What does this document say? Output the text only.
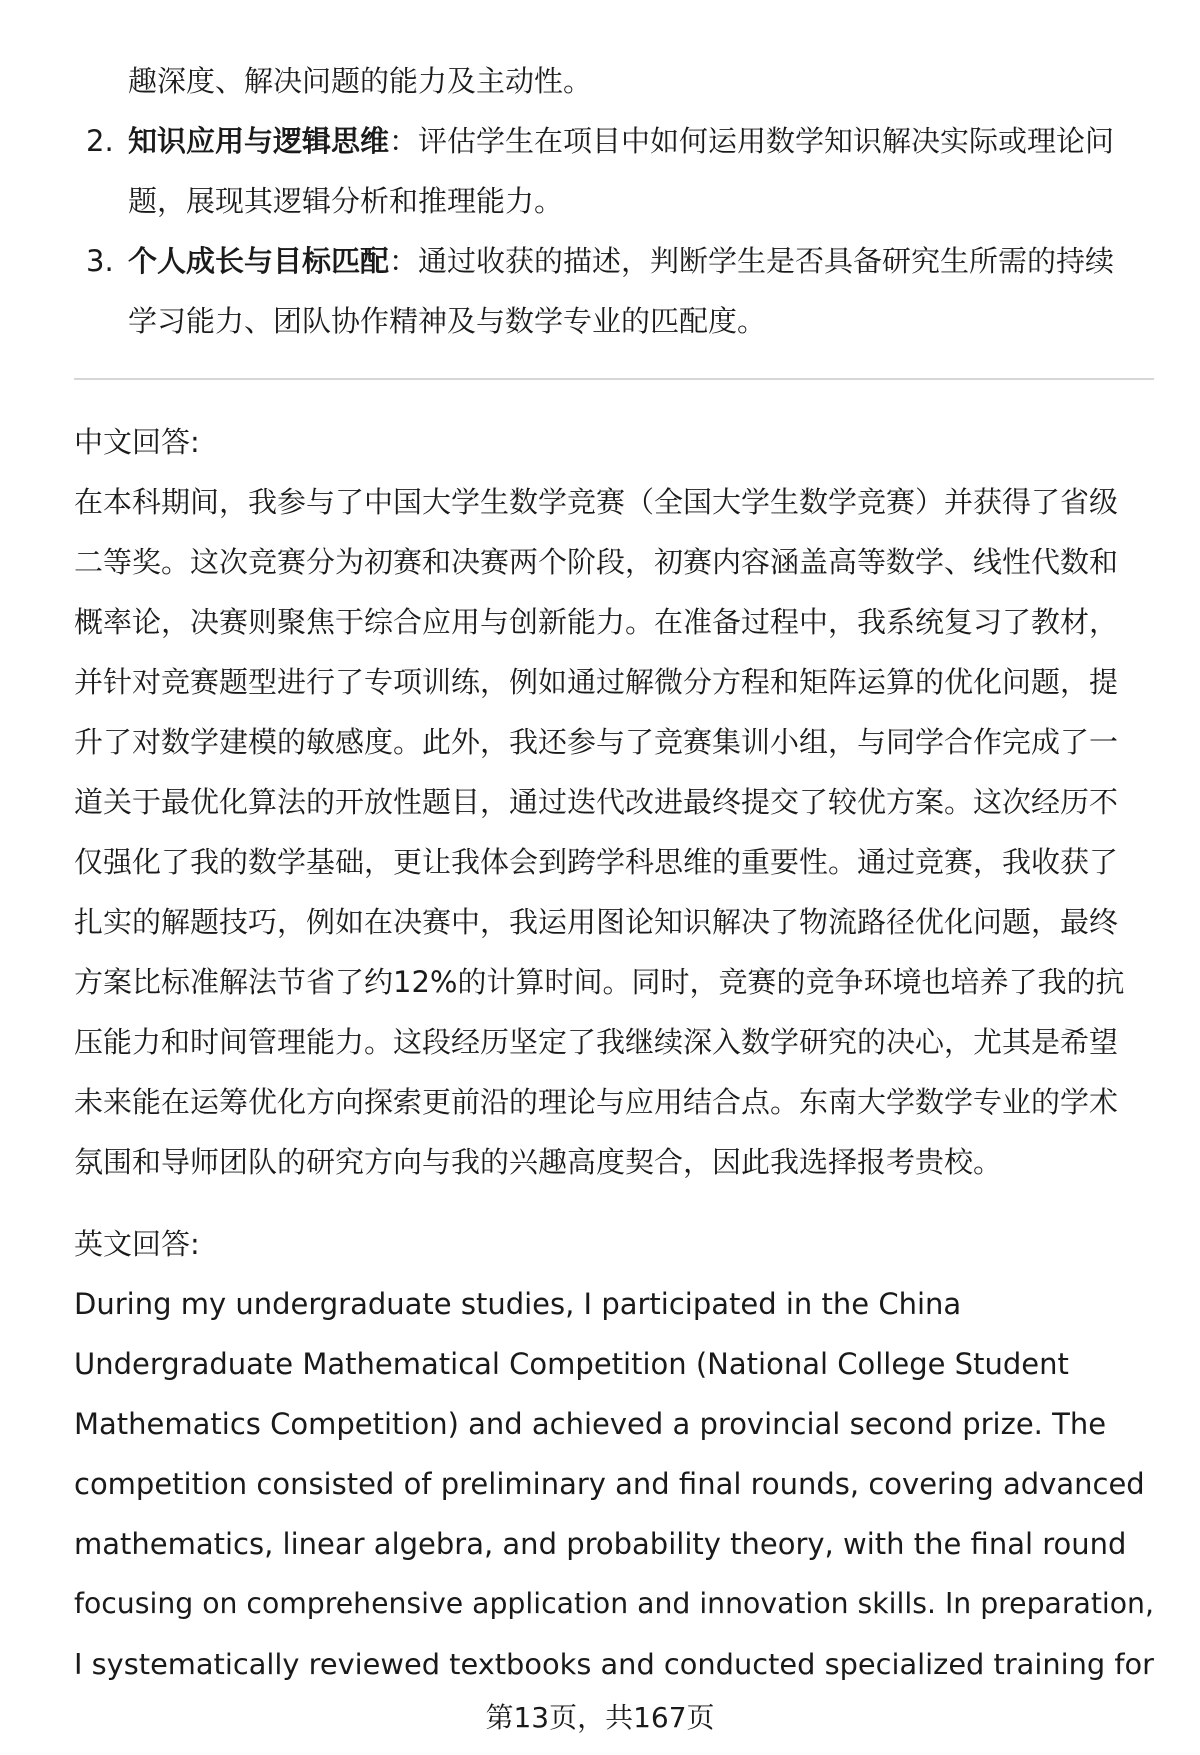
趣深度、解决问题的能力及主动性。
2. 知识应用与逻辑思维：评估学生在项目中如何运用数学知识解决实际或理论问
题，展现其逻辑分析和推理能力。
3. 个人成长与目标匹配：通过收获的描述，判断学生是否具备研究生所需的持续
学习能力、团队协作精神及与数学专业的匹配度。
中文回答:
在本科期间，我参与了中国大学生数学竞赛（全国大学生数学竞赛）并获得了省级
二等奖。这次竞赛分为初赛和决赛两个阶段，初赛内容涵盖高等数学、线性代数和
概率论，决赛则聚焦于综合应用与创新能力。在准备过程中，我系统复习了教材，
并针对竞赛题型进行了专项训练，例如通过解微分方程和矩阵运算的优化问题，提
升了对数学建模的敏感度。此外，我还参与了竞赛集训小组，与同学合作完成了一
道关于最优化算法的开放性题目，通过迭代改进最终提交了较优方案。这次经历不
仅强化了我的数学基础，更让我体会到跨学科思维的重要性。通过竞赛，我收获了
扎实的解题技巧，例如在决赛中，我运用图论知识解决了物流路径优化问题，最终
方案比标准解法节省了约12%的计算时间。同时，竞赛的竞争环境也培养了我的抗
压能力和时间管理能力。这段经历坚定了我继续深入数学研究的决心，尤其是希望
未来能在运筹优化方向探索更前沿的理论与应用结合点。东南大学数学专业的学术
氛围和导师团队的研究方向与我的兴趣高度契合，因此我选择报考贵校。
英文回答:
During my undergraduate studies, I participated in the China
Undergraduate Mathematical Competition (National College Student
Mathematics Competition) and achieved a provincial second prize. The
competition consisted of preliminary and final rounds, covering advanced
mathematics, linear algebra, and probability theory, with the final round
focusing on comprehensive application and innovation skills. In preparation,
I systematically reviewed textbooks and conducted specialized training for
第13页，共167页
